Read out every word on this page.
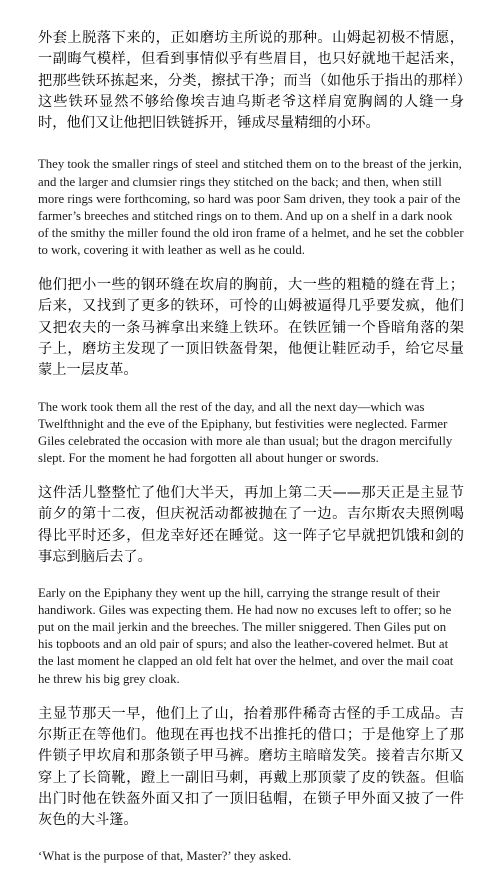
外套上脱落下来的，正如磨坊主所说的那种。山姆起初极不情愿，一副晦气模样，但看到事情似乎有些眉目，也只好就地干起活来，把那些铁环拣起来，分类，擦拭干净；而当（如他乐于指出的那样）这些铁环显然不够给像埃吉迪乌斯老爷这样肩宽胸阔的人缝一身时，他们又让他把旧铁链拆开，锤成尽量精细的小环。

They took the smaller rings of steel and stitched them on to the breast of the jerkin, and the larger and clumsier rings they stitched on the back; and then, when still more rings were forthcoming, so hard was poor Sam driven, they took a pair of the farmer’s breeches and stitched rings on to them. And up on a shelf in a dark nook of the smithy the miller found the old iron frame of a helmet, and he set the cobbler to work, covering it with leather as well as he could.

他们把小一些的钢环缝在坎肩的胸前，大一些的粗糙的缝在背上；后来，又找到了更多的铁环，可怜的山姆被逼得几乎要发疯，他们又把农夫的一条马裤拿出来缝上铁环。在铁匠铺一个昏暗角落的架子上，磨坊主发现了一顶旧铁盔骨架，他便让鞋匠动手，给它尽量蒙上一层皮革。

The work took them all the rest of the day, and all the next day—which was Twelfthnight and the eve of the Epiphany, but festivities were neglected. Farmer Giles celebrated the occasion with more ale than usual; but the dragon mercifully slept. For the moment he had forgotten all about hunger or swords.

这件活儿整整忙了他们大半天，再加上第二天——那天正是主显节前夕的第十二夜，但庆祝活动都被抛在了一边。吉尔斯农夫照例喝得比平时还多，但龙幸好还在睡觉。这一阵子它早就把饥饿和剑的事忘到脑后去了。

Early on the Epiphany they went up the hill, carrying the strange result of their handiwork. Giles was expecting them. He had now no excuses left to offer; so he put on the mail jerkin and the breeches. The miller sniggered. Then Giles put on his topboots and an old pair of spurs; and also the leather-covered helmet. But at the last moment he clapped an old felt hat over the helmet, and over the mail coat he threw his big grey cloak.

主显节那天一早，他们上了山，抬着那件稀奇古怪的手工成品。吉尔斯正在等他们。他现在再也找不出推托的借口；于是他穿上了那件锁子甲坎肩和那条锁子甲马裤。磨坊主暗暗发笑。接着吉尔斯又穿上了长筒靴，蹬上一副旧马刺，再戴上那顶蒙了皮的铁盔。但临出门时他在铁盔外面又扣了一顶旧毡帽，在锁子甲外面又披了一件灰色的大斗篷。

‘What is the purpose of that, Master?’ they asked.
